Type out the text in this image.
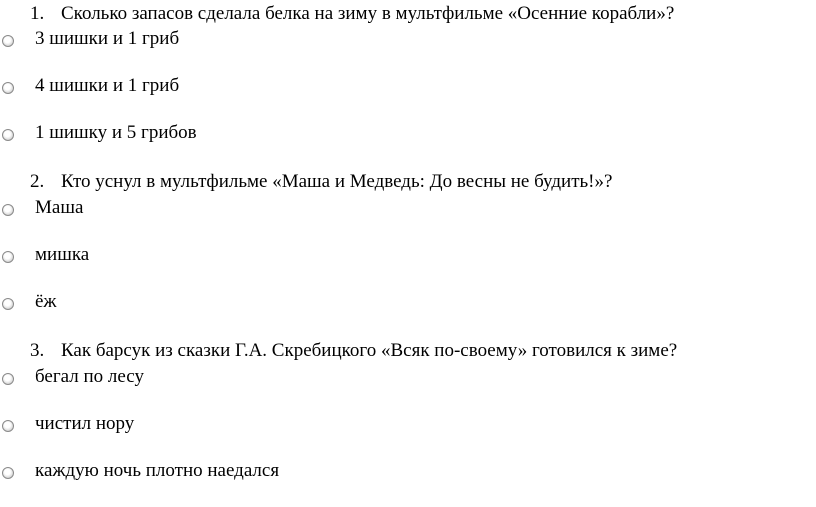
1. Сколько запасов сделала белка на зиму в мультфильме «Осенние корабли»?
3 шишки и 1 гриб
4 шишки и 1 гриб
1 шишку и 5 грибов
2. Кто уснул в мультфильме «Маша и Медведь: До весны не будить!»?
Маша
мишка
ёж
3. Как барсук из сказки Г.А. Скребицкого «Всяк по-своему» готовился к зиме?
бегал по лесу
чистил нору
каждую ночь плотно наедался
